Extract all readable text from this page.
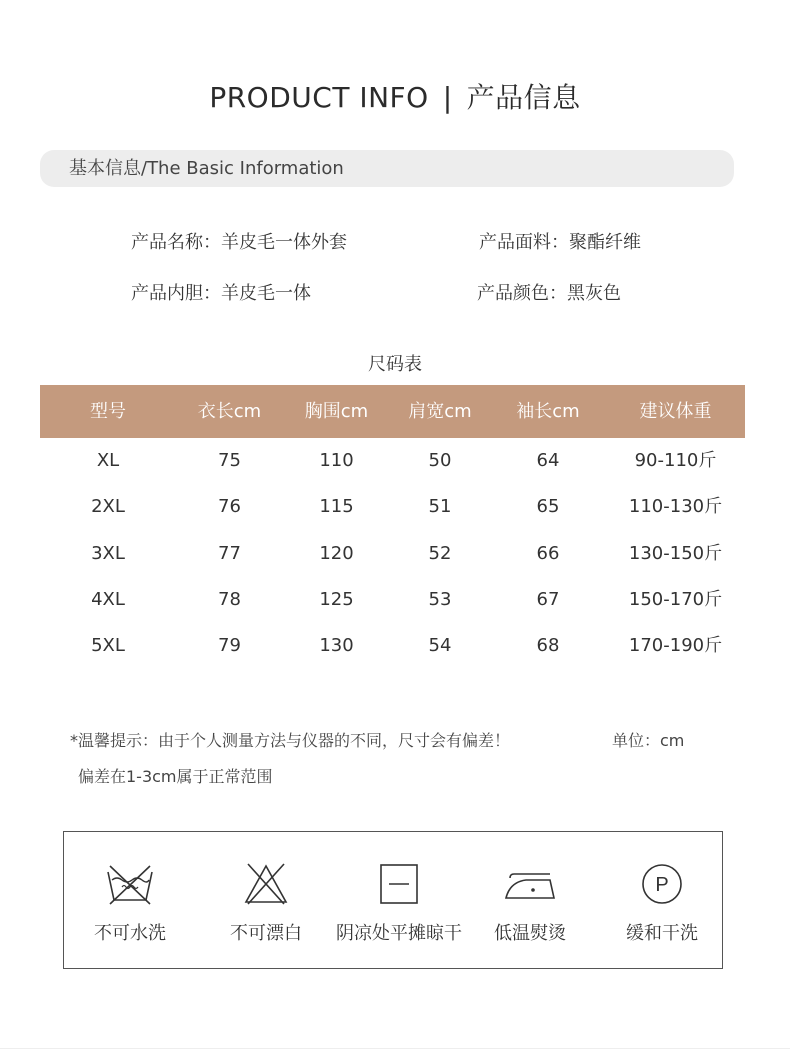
PRODUCT INFO | 产品信息
基本信息/The Basic Information
产品名称：羊皮毛一体外套	产品面料：聚酯纤维
产品内胆：羊皮毛一体	产品颜色：黑灰色
尺码表
型号	衣长cm	胸围cm	肩宽cm	袖长cm	建议体重
XL	75	110	50	64	90-110斤
2XL	76	115	51	65	110-130斤
3XL	77	120	52	66	130-150斤
4XL	78	125	53	67	150-170斤
5XL	79	130	54	68	170-190斤
*温馨提示：由于个人测量方法与仪器的不同，尺寸会有偏差！	单位：cm
偏差在1-3cm属于正常范围
不可水洗	不可漂白	阴凉处平摊晾干	低温熨烫
P
缓和干洗
